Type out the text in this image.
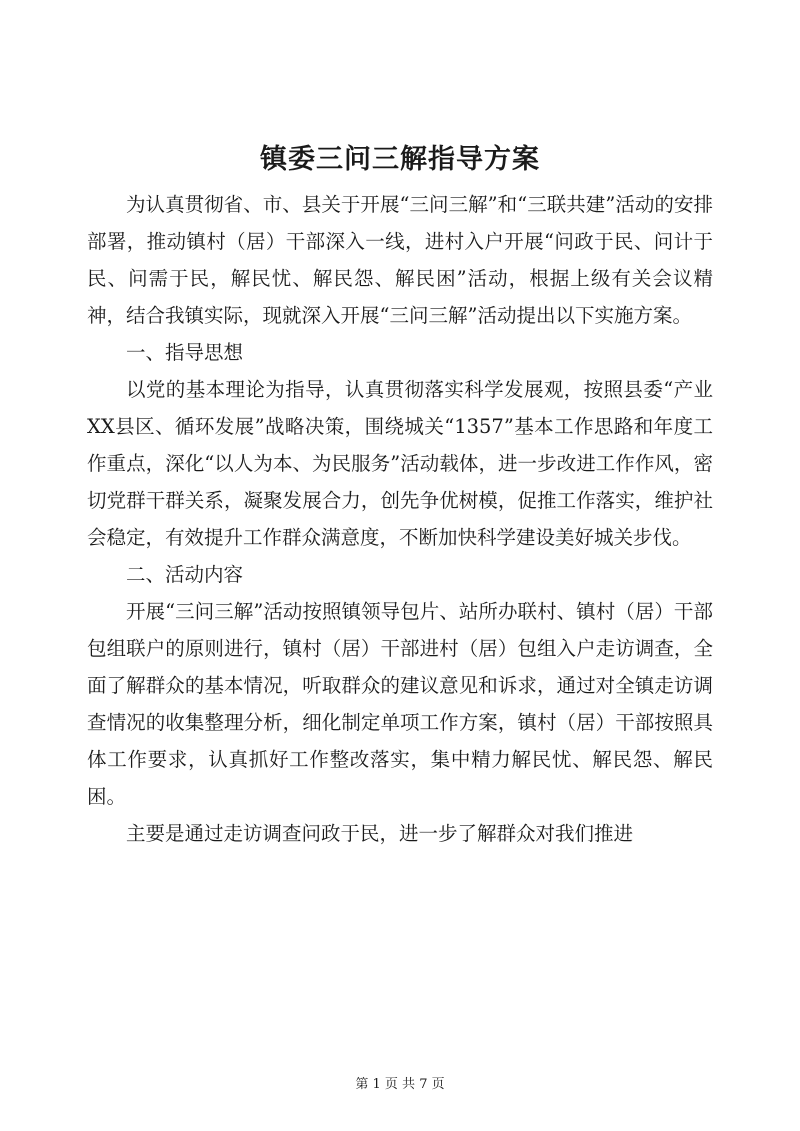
镇委三问三解指导方案

为认真贯彻省、市、县关于开展“三问三解”和“三联共建”活动的安排部署，推动镇村（居）干部深入一线，进村入户开展“问政于民、问计于民、问需于民，解民忧、解民怨、解民困”活动，根据上级有关会议精神，结合我镇实际，现就深入开展“三问三解”活动提出以下实施方案。

一、指导思想

以党的基本理论为指导，认真贯彻落实科学发展观，按照县委“产业XX县区、循环发展”战略决策，围绕城关“1357”基本工作思路和年度工作重点，深化“以人为本、为民服务”活动载体，进一步改进工作作风，密切党群干群关系，凝聚发展合力，创先争优树模，促推工作落实，维护社会稳定，有效提升工作群众满意度，不断加快科学建设美好城关步伐。

二、活动内容

开展“三问三解”活动按照镇领导包片、站所办联村、镇村（居）干部包组联户的原则进行，镇村（居）干部进村（居）包组入户走访调查，全面了解群众的基本情况，听取群众的建议意见和诉求，通过对全镇走访调查情况的收集整理分析，细化制定单项工作方案，镇村（居）干部按照具体工作要求，认真抓好工作整改落实，集中精力解民忧、解民怨、解民困。

主要是通过走访调查问政于民，进一步了解群众对我们推进

第 1 页 共 7 页
